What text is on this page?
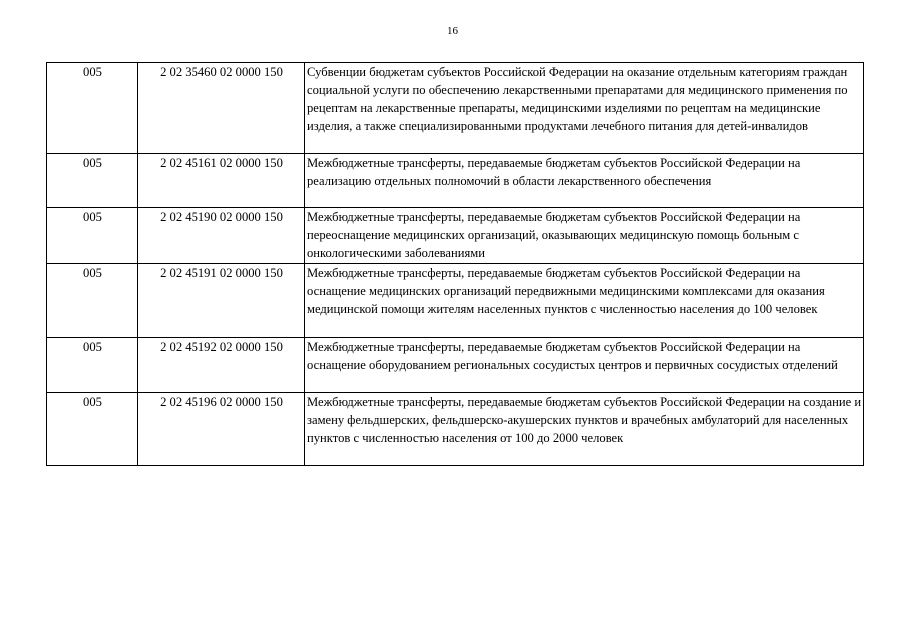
16
005	2 02 35460 02 0000 150	Субвенции бюджетам субъектов Российской Федерации на оказание отдельным категориям граждан социальной услуги по обеспечению лекарственными препаратами для медицинского применения по рецептам на лекарственные препараты, медицинскими изделиями по рецептам на медицинские изделия, а также специализированными продуктами лечебного питания для детей-инвалидов
005	2 02 45161 02 0000 150	Межбюджетные трансферты, передаваемые бюджетам субъектов Российской Федерации на реализацию отдельных полномочий в области лекарственного обеспечения
005	2 02 45190 02 0000 150	Межбюджетные трансферты, передаваемые бюджетам субъектов Российской Федерации на переоснащение медицинских организаций, оказывающих медицинскую помощь больным с онкологическими заболеваниями
005	2 02 45191 02 0000 150	Межбюджетные трансферты, передаваемые бюджетам субъектов Российской Федерации на оснащение медицинских организаций передвижными медицинскими комплексами для оказания медицинской помощи жителям населенных пунктов с численностью населения до 100 человек
005	2 02 45192 02 0000 150	Межбюджетные трансферты, передаваемые бюджетам субъектов Российской Федерации на оснащение оборудованием региональных сосудистых центров и первичных сосудистых отделений
005	2 02 45196 02 0000 150	Межбюджетные трансферты, передаваемые бюджетам субъектов Российской Федерации на создание и замену фельдшерских, фельдшерско-акушерских пунктов и врачебных амбулаторий для населенных пунктов с численностью населения от 100 до 2000 человек
